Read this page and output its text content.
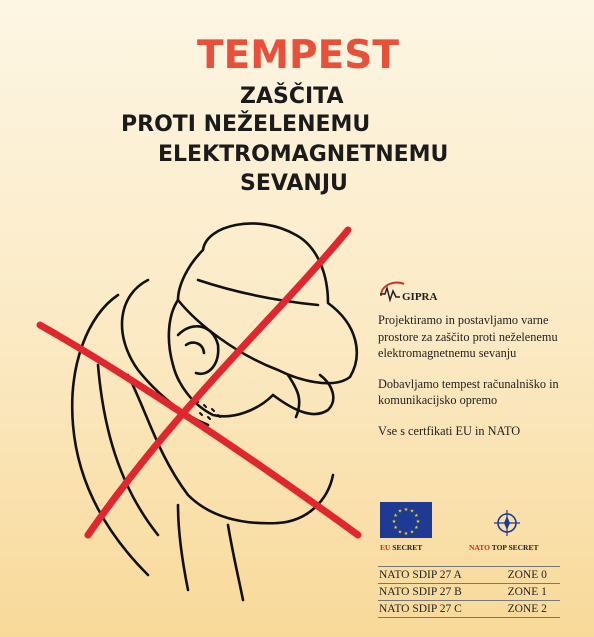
TEMPEST
ZAŠČITA
PROTI NEŽELENEMU
ELEKTROMAGNETNEMU
SEVANJU
GIPRA

Projektiramo in postavljamo varne prostore za zaščito proti neželenemu elektromagnetnemu sevanju

Dobavljamo tempest računalniško in komunikacijsko opremo

Vse s certfikati EU in NATO

★ ★
★
★
★
★
★
★
★
★
★
★
EU SECRET	NATO TOP SECRET
NATO SDIP 27 A	ZONE 0
NATO SDIP 27 B	ZONE 1
NATO SDIP 27 C	ZONE 2
